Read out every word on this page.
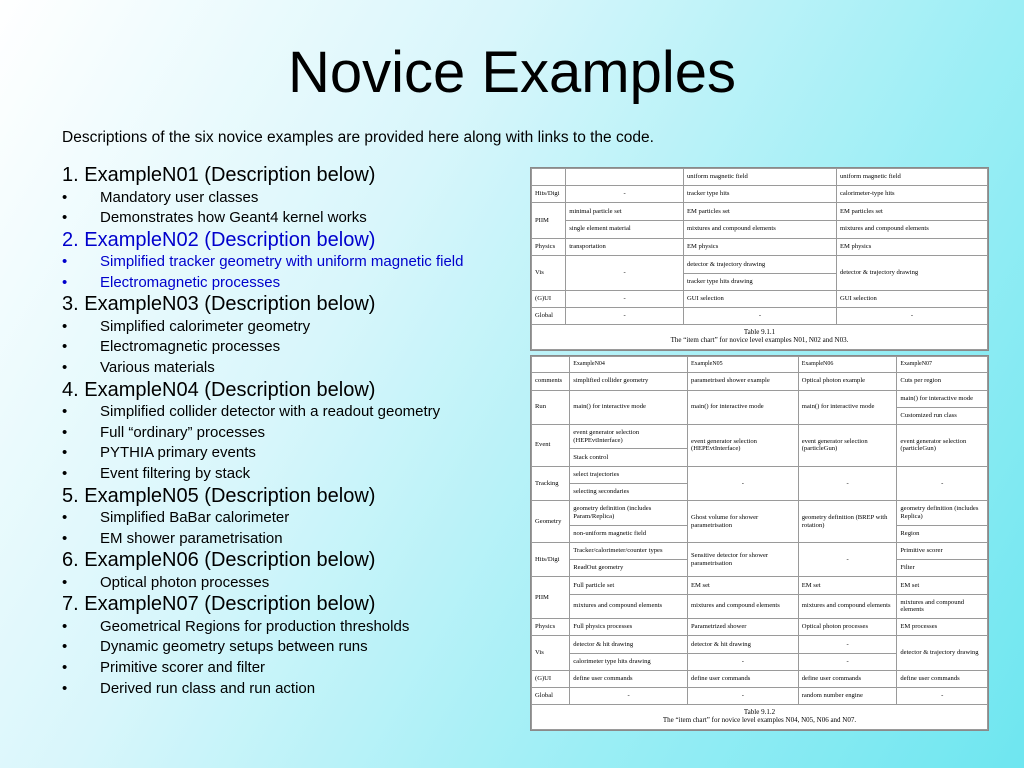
Novice Examples
Descriptions of the six novice examples are provided here along with links to the code.
1. ExampleN01 (Description below)
• Mandatory user classes
• Demonstrates how Geant4 kernel works
2. ExampleN02 (Description below)
• Simplified tracker geometry with uniform magnetic field
• Electromagnetic processes
3. ExampleN03 (Description below)
• Simplified calorimeter geometry
• Electromagnetic processes
• Various materials
4. ExampleN04 (Description below)
• Simplified collider detector with a readout geometry
• Full “ordinary” processes
• PYTHIA primary events
• Event filtering by stack
5. ExampleN05 (Description below)
• Simplified BaBar calorimeter
• EM shower parametrisation
6. ExampleN06 (Description below)
• Optical photon processes
7. ExampleN07 (Description below)
• Geometrical Regions for production thresholds
• Dynamic geometry setups between runs
• Primitive scorer and filter
• Derived run class and run action
		uniform magnetic field	uniform magnetic field
Hits/Digi	-	tracker type hits	calorimeter-type hits
PIIM	minimal particle set	EM particles set	EM particles set
	single element material	mixtures and compound elements	mixtures and compound elements
Physics	transportation	EM physics	EM physics
Vis	-	detector & trajectory drawing	detector & trajectory drawing
		tracker type hits drawing	
(G)UI	-	GUI selection	GUI selection
Global	-	-	-

Table 9.1.1
The “item chart” for novice level examples N01, N02 and N03.			
	ExampleN04	ExampleN05	ExampleN06	ExampleN07
comments	simplified collider geometry	parametrised shower example	Optical photon example	Cuts per region
Run	main() for interactive mode	main() for interactive mode	main() for interactive mode	main() for interactive mode
				Customized run class
Event	event generator selection (HEPEvtInterface)	event generator selection (HEPEvtInterface)	event generator selection (particleGun)	event generator selection (particleGun)
	Stack control			
Tracking	select trajectories	-	-	-
	selecting secondaries			
Geometry	geometry definition (includes Param/Replica)	Ghost volume for shower parametrisation	geometry definition (BREP with rotation)	geometry definition (includes Replica)
	non-uniform magnetic field			Region
Hits/Digi	Tracker/calorimeter/counter types	Sensitive detector for shower parametrisation	-	Primitive scorer
	ReadOut geometry			Filter
PIIM	Full particle set	EM set	EM set	EM set
	mixtures and compound elements	mixtures and compound elements	mixtures and compound elements	mixtures and compound elements
Physics	Full physics processes	Parametrized shower	Optical photon processes	EM processes
Vis	detector & hit drawing	detector & hit drawing	-	detector & trajectory drawing
	calorimeter type hits drawing	-	-	
(G)UI	define user commands	define user commands	define user commands	define user commands
Global	-	-	random number engine	-

Table 9.1.2
The “item chart” for novice level examples N04, N05, N06 and N07.				
